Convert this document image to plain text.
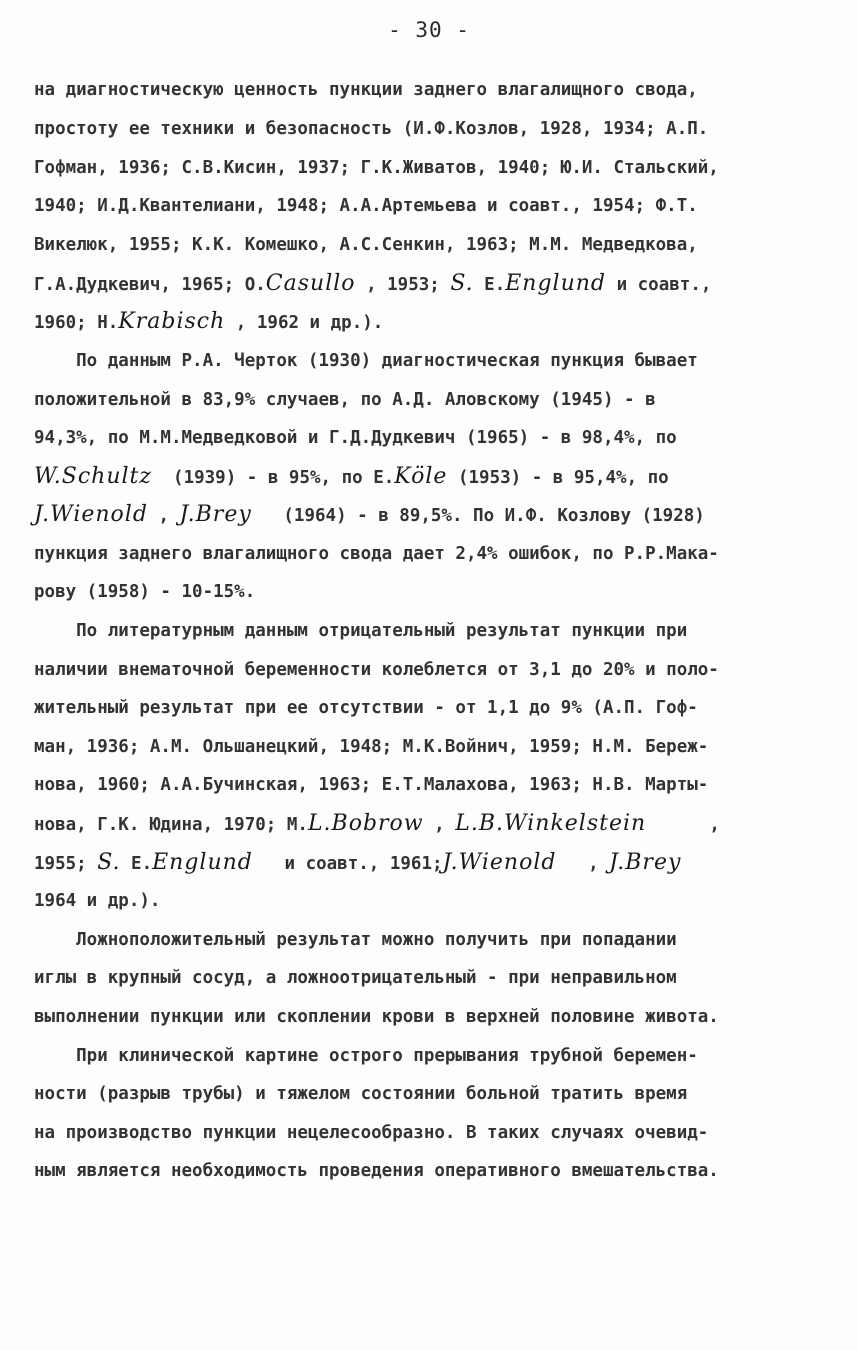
- 30 -
на диагностическую ценность пункции заднего влагалищного свода,
простоту ее техники и безопасность (И.Ф.Козлов, 1928, 1934; А.П.
Гофман, 1936; С.В.Кисин, 1937; Г.К.Живатов, 1940; Ю.И. Стальский,
1940; И.Д.Квантелиани, 1948; А.А.Артемьева и соавт., 1954; Ф.Т.
Викелюк, 1955; К.К. Комешко, А.С.Сенкин, 1963; М.М. Медведкова,
Г.А.Дудкевич, 1965; О. Casullo , 1953; S. E. Englund и соавт.,
1960; Н. Krabisch , 1962 и др.).
По данным Р.А. Черток (1930) диагностическая пункция бывает
положительной в 83,9% случаев, по А.Д. Аловскому (1945) - в
94,3%, по М.М.Медведковой и Г.Д.Дудкевич (1965) - в 98,4%, по
W.Schultz (1939) - в 95%, по E. Köle (1953) - в 95,4%, по
J.Wienold , J.Brey (1964) - в 89,5%. По И.Ф. Козлову (1928)
пункция заднего влагалищного свода дает 2,4% ошибок, по Р.Р.Мака-
рову (1958) - 10-15%.
По литературным данным отрицательный результат пункции при
наличии внематочной беременности колеблется от 3,1 до 20% и поло-
жительный результат при ее отсутствии - от 1,1 до 9% (А.П. Гоф-
ман, 1936; А.М. Ольшанецкий, 1948; М.К.Войнич, 1959; Н.М. Береж-
нова, 1960; А.А.Бучинская, 1963; Е.Т.Малахова, 1963; Н.В. Марты-
нова, Г.К. Юдина, 1970; М. L.Bobrow , L.B.Winkelstein ,
1955; S. E. Englund и соавт., 1961; J.Wienold , J.Brey
1964 и др.).
Ложноположительный результат можно получить при попадании
иглы в крупный сосуд, а ложноотрицательный - при неправильном
выполнении пункции или скоплении крови в верхней половине живота.
При клинической картине острого прерывания трубной беремен-
ности (разрыв трубы) и тяжелом состоянии больной тратить время
на производство пункции нецелесообразно. В таких случаях очевид-
ным является необходимость проведения оперативного вмешательства.
